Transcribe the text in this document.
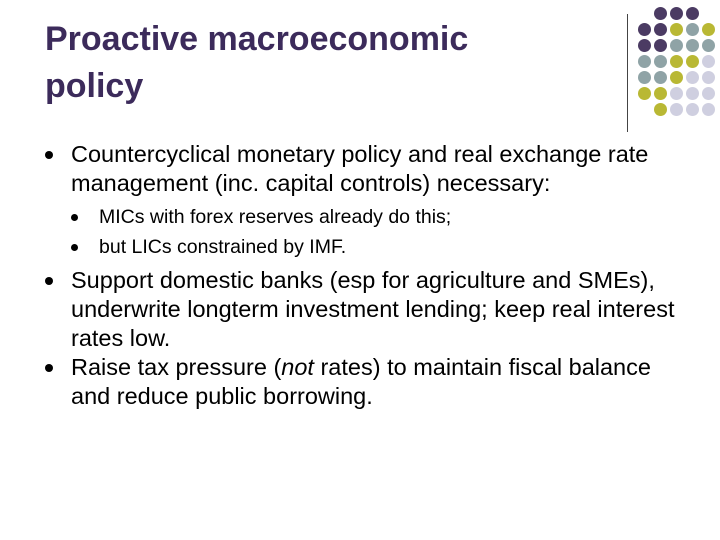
Proactive macroeconomic
policy
Countercyclical monetary policy and real exchange rate management (inc. capital controls) necessary:
MICs with forex reserves already do this;
but LICs constrained by IMF.
Support domestic banks (esp for agriculture and SMEs), underwrite longterm investment lending; keep real interest rates low.
Raise tax pressure (not rates) to maintain fiscal balance and reduce public borrowing.
